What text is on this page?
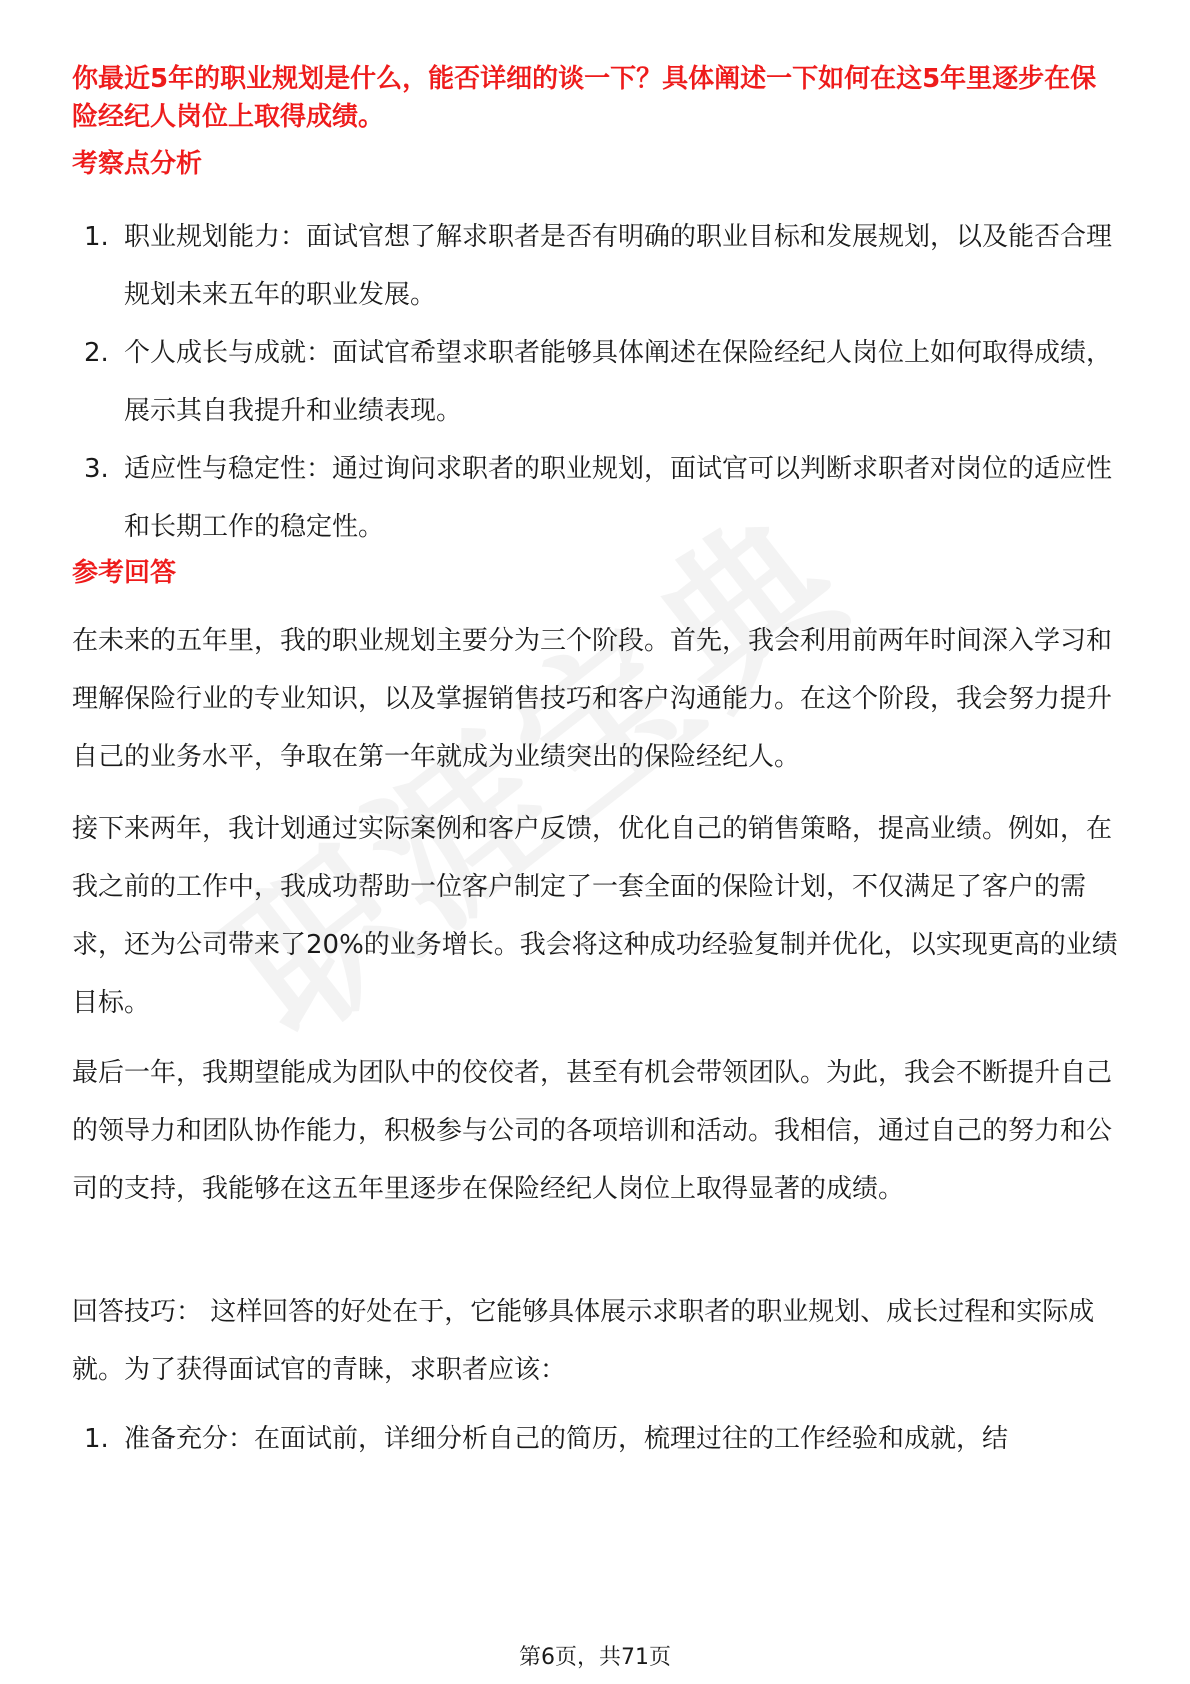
你最近5年的职业规划是什么，能否详细的谈一下？具体阐述一下如何在这5年里逐步在保险经纪人岗位上取得成绩。
考察点分析
1. 职业规划能力：面试官想了解求职者是否有明确的职业目标和发展规划，以及能否合理规划未来五年的职业发展。
2. 个人成长与成就：面试官希望求职者能够具体阐述在保险经纪人岗位上如何取得成绩，展示其自我提升和业绩表现。
3. 适应性与稳定性：通过询问求职者的职业规划，面试官可以判断求职者对岗位的适应性和长期工作的稳定性。
参考回答

在未来的五年里，我的职业规划主要分为三个阶段。首先，我会利用前两年时间深入学习和理解保险行业的专业知识，以及掌握销售技巧和客户沟通能力。在这个阶段，我会努力提升自己的业务水平，争取在第一年就成为业绩突出的保险经纪人。

接下来两年，我计划通过实际案例和客户反馈，优化自己的销售策略，提高业绩。例如，在我之前的工作中，我成功帮助一位客户制定了一套全面的保险计划，不仅满足了客户的需求，还为公司带来了20%的业务增长。我会将这种成功经验复制并优化，以实现更高的业绩目标。

最后一年，我期望能成为团队中的佼佼者，甚至有机会带领团队。为此，我会不断提升自己的领导力和团队协作能力，积极参与公司的各项培训和活动。我相信，通过自己的努力和公司的支持，我能够在这五年里逐步在保险经纪人岗位上取得显著的成绩。

回答技巧： 这样回答的好处在于，它能够具体展示求职者的职业规划、成长过程和实际成就。为了获得面试官的青睐，求职者应该：

1. 准备充分：在面试前，详细分析自己的简历，梳理过往的工作经验和成就，结
第6页，共71页
